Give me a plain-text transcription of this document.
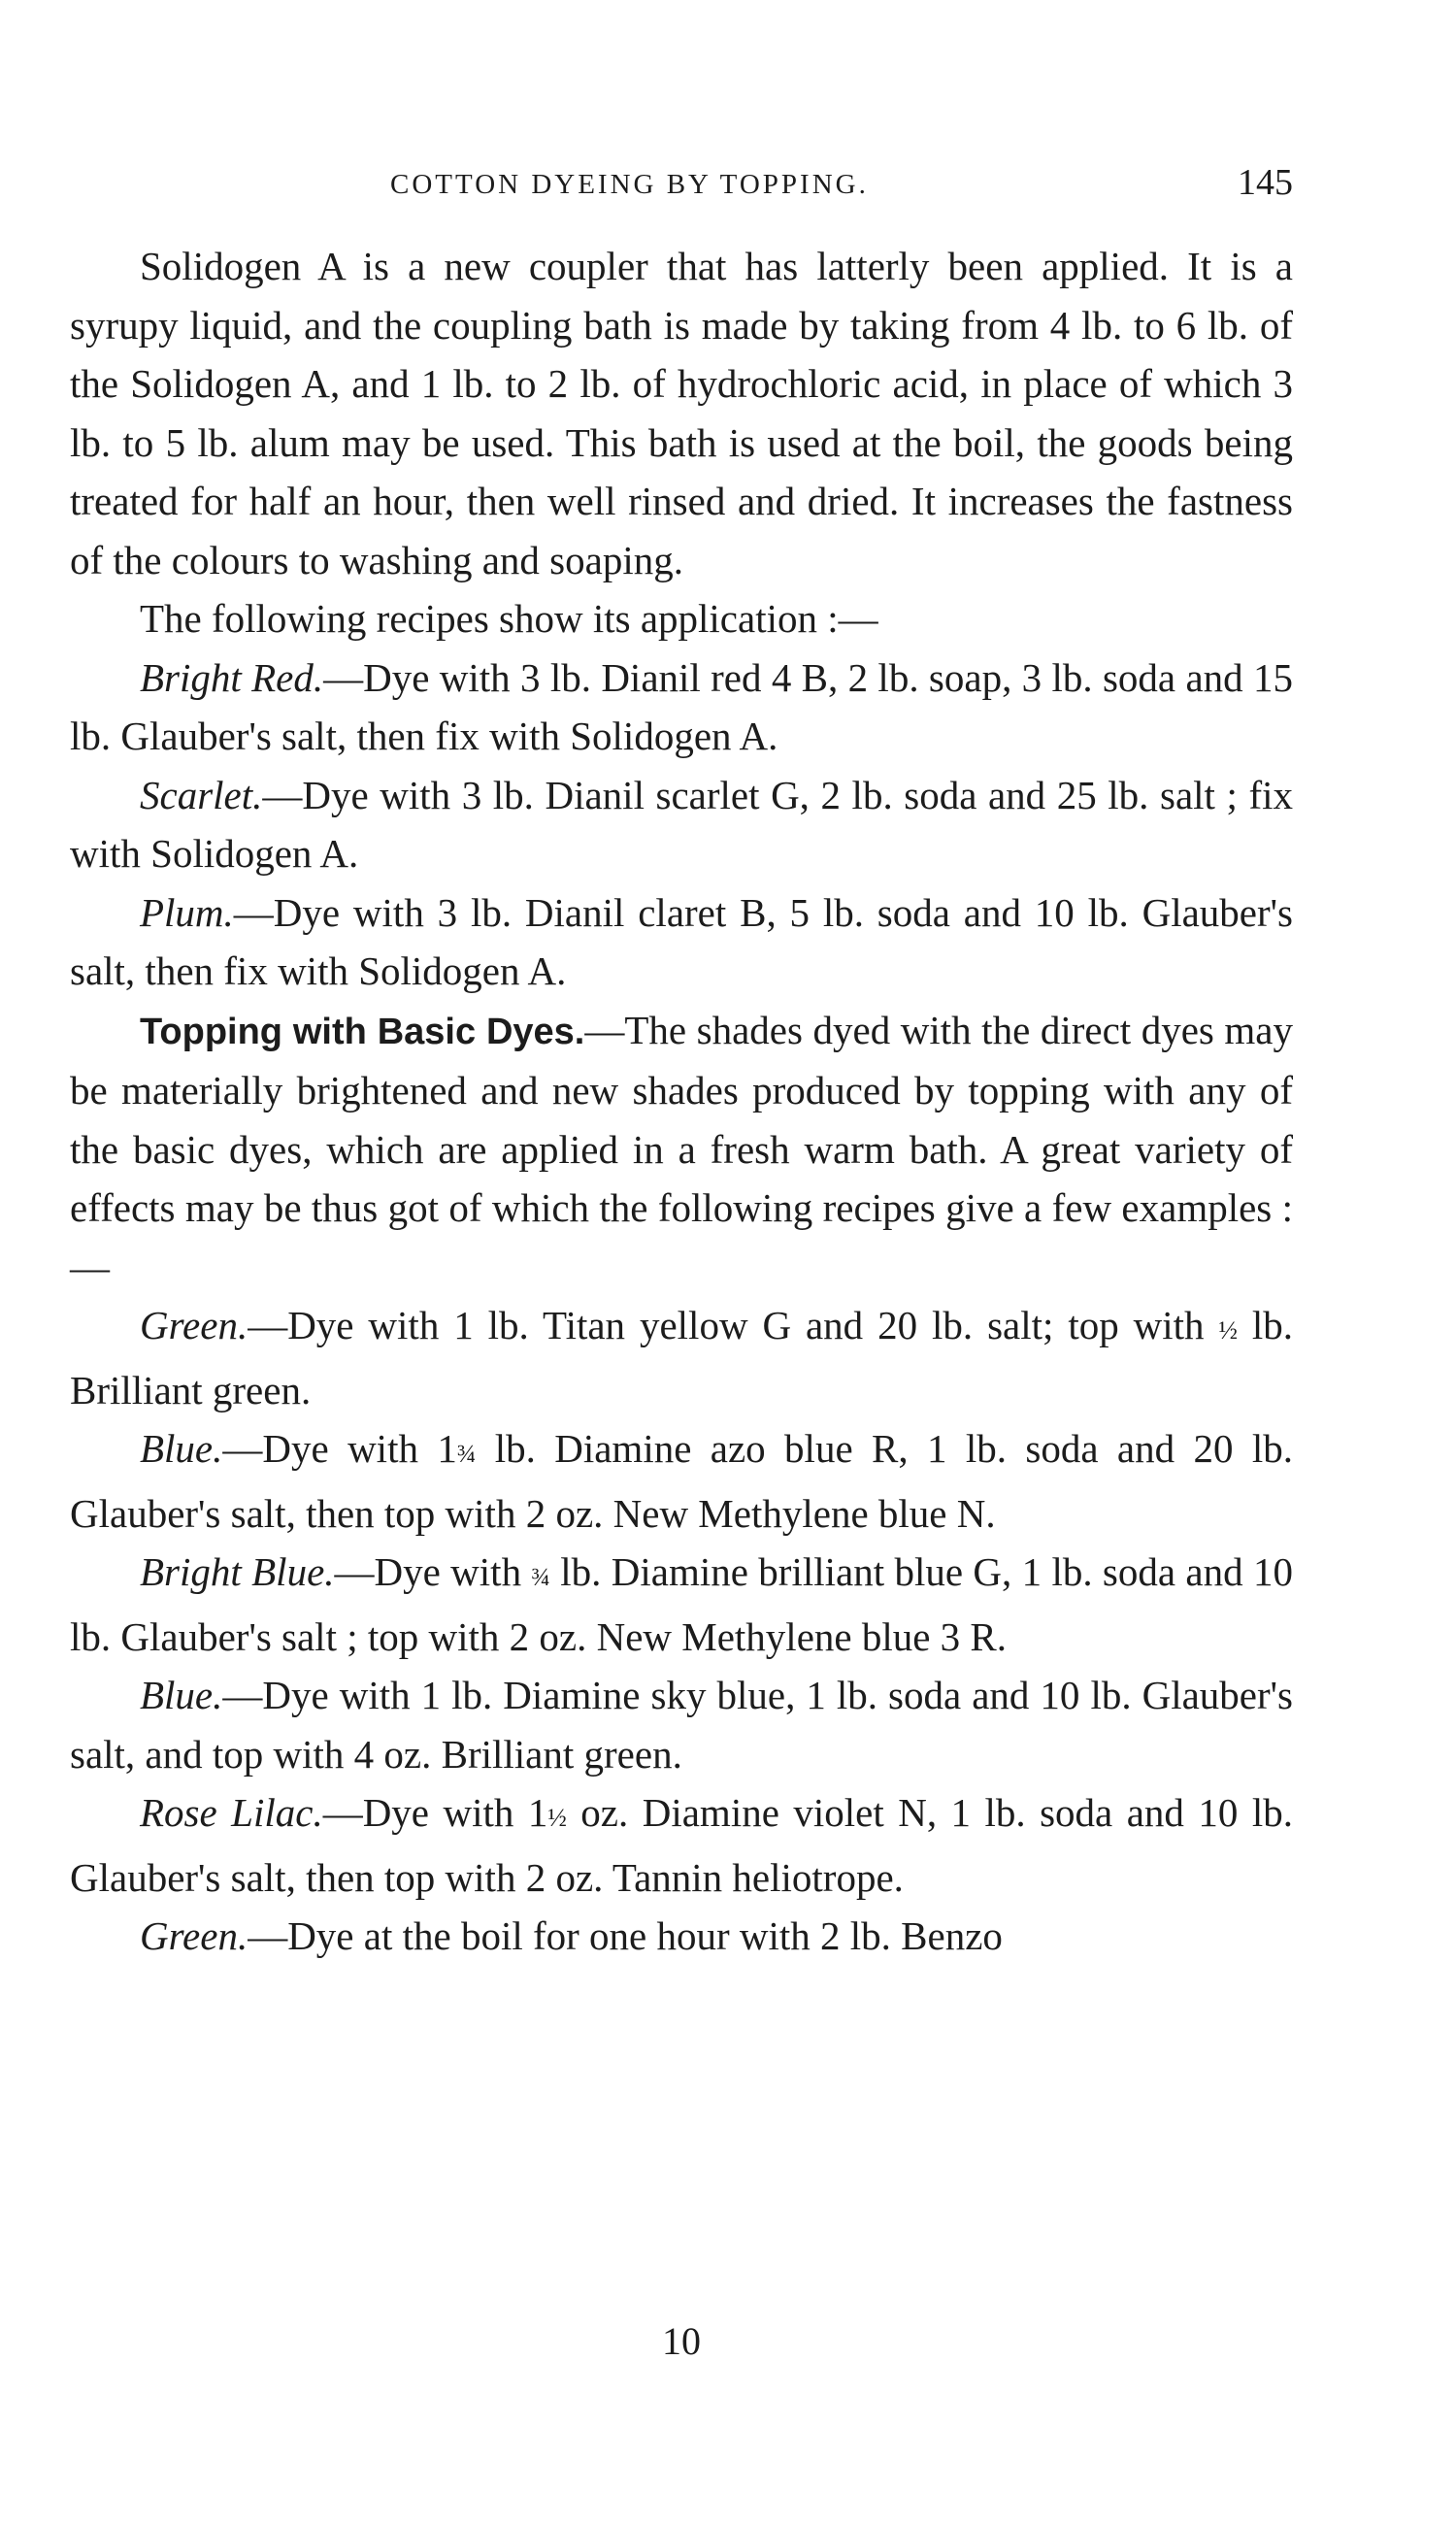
COTTON DYEING BY TOPPING.	145

Solidogen A is a new coupler that has latterly been applied. It is a syrupy liquid, and the coupling bath is made by taking from 4 lb. to 6 lb. of the Solidogen A, and 1 lb. to 2 lb. of hydrochloric acid, in place of which 3 lb. to 5 lb. alum may be used. This bath is used at the boil, the goods being treated for half an hour, then well rinsed and dried. It increases the fastness of the colours to washing and soaping.

The following recipes show its application :—

Bright Red.—Dye with 3 lb. Dianil red 4 B, 2 lb. soap, 3 lb. soda and 15 lb. Glauber's salt, then fix with Solidogen A.

Scarlet.—Dye with 3 lb. Dianil scarlet G, 2 lb. soda and 25 lb. salt ; fix with Solidogen A.

Plum.—Dye with 3 lb. Dianil claret B, 5 lb. soda and 10 lb. Glauber's salt, then fix with Solidogen A.

Topping with Basic Dyes.—The shades dyed with the direct dyes may be materially brightened and new shades produced by topping with any of the basic dyes, which are applied in a fresh warm bath. A great variety of effects may be thus got of which the following recipes give a few examples :—

Green.—Dye with 1 lb. Titan yellow G and 20 lb. salt; top with ½ lb. Brilliant green.

Blue.—Dye with 1¾ lb. Diamine azo blue R, 1 lb. soda and 20 lb. Glauber's salt, then top with 2 oz. New Methylene blue N.

Bright Blue.—Dye with ¾ lb. Diamine brilliant blue G, 1 lb. soda and 10 lb. Glauber's salt ; top with 2 oz. New Methylene blue 3 R.

Blue.—Dye with 1 lb. Diamine sky blue, 1 lb. soda and 10 lb. Glauber's salt, and top with 4 oz. Brilliant green.

Rose Lilac.—Dye with 1½ oz. Diamine violet N, 1 lb. soda and 10 lb. Glauber's salt, then top with 2 oz. Tannin heliotrope.

Green.—Dye at the boil for one hour with 2 lb. Benzo

10
